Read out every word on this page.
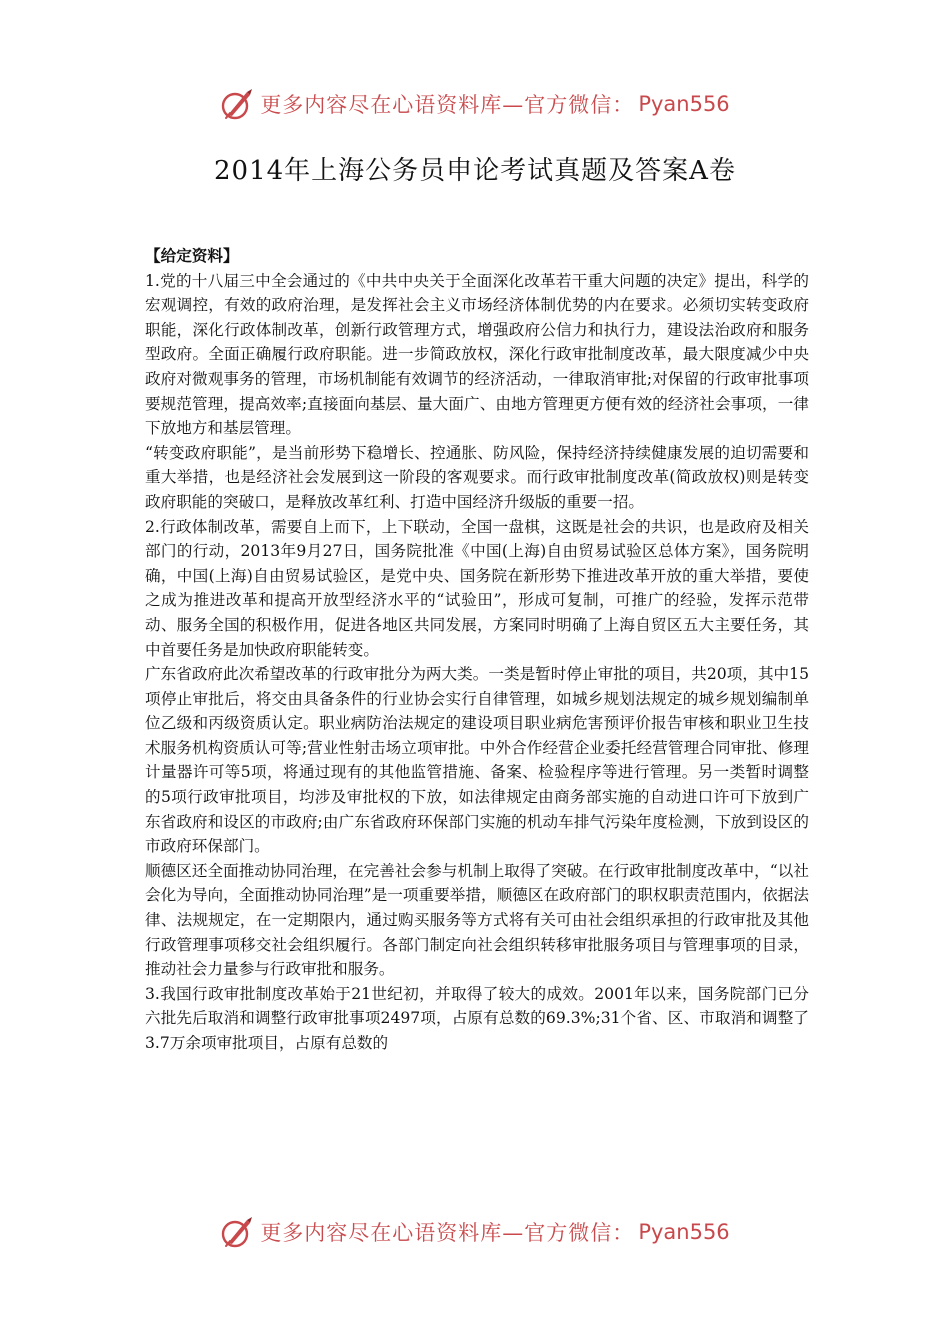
更多内容尽在心语资料库—官方微信： Pyan556
2014年上海公务员申论考试真题及答案A卷

【给定资料】

1.党的十八届三中全会通过的《中共中央关于全面深化改革若干重大问题的决定》提出，科学的宏观调控，有效的政府治理，是发挥社会主义市场经济体制优势的内在要求。必须切实转变政府职能，深化行政体制改革，创新行政管理方式，增强政府公信力和执行力，建设法治政府和服务型政府。全面正确履行政府职能。进一步简政放权，深化行政审批制度改革，最大限度减少中央政府对微观事务的管理，市场机制能有效调节的经济活动，一律取消审批;对保留的行政审批事项要规范管理，提高效率;直接面向基层、量大面广、由地方管理更方便有效的经济社会事项，一律下放地方和基层管理。

“转变政府职能”，是当前形势下稳增长、控通胀、防风险，保持经济持续健康发展的迫切需要和重大举措，也是经济社会发展到这一阶段的客观要求。而行政审批制度改革(简政放权)则是转变政府职能的突破口，是释放改革红利、打造中国经济升级版的重要一招。

2.行政体制改革，需要自上而下，上下联动，全国一盘棋，这既是社会的共识，也是政府及相关部门的行动，2013年9月27日，国务院批准《中国(上海)自由贸易试验区总体方案》，国务院明确，中国(上海)自由贸易试验区，是党中央、国务院在新形势下推进改革开放的重大举措，要使之成为推进改革和提高开放型经济水平的“试验田”，形成可复制，可推广的经验，发挥示范带动、服务全国的积极作用，促进各地区共同发展，方案同时明确了上海自贸区五大主要任务，其中首要任务是加快政府职能转变。

广东省政府此次希望改革的行政审批分为两大类。一类是暂时停止审批的项目，共20项，其中15项停止审批后，将交由具备条件的行业协会实行自律管理，如城乡规划法规定的城乡规划编制单位乙级和丙级资质认定。职业病防治法规定的建设项目职业病危害预评价报告审核和职业卫生技术服务机构资质认可等;营业性射击场立项审批。中外合作经营企业委托经营管理合同审批、修理计量器许可等5项，将通过现有的其他监管措施、备案、检验程序等进行管理。另一类暂时调整的5项行政审批项目，均涉及审批权的下放，如法律规定由商务部实施的自动进口许可下放到广东省政府和设区的市政府;由广东省政府环保部门实施的机动车排气污染年度检测，下放到设区的市政府环保部门。

顺德区还全面推动协同治理，在完善社会参与机制上取得了突破。在行政审批制度改革中，“以社会化为导向，全面推动协同治理”是一项重要举措，顺德区在政府部门的职权职责范围内，依据法律、法规规定，在一定期限内，通过购买服务等方式将有关可由社会组织承担的行政审批及其他行政管理事项移交社会组织履行。各部门制定向社会组织转移审批服务项目与管理事项的目录，推动社会力量参与行政审批和服务。

3.我国行政审批制度改革始于21世纪初，并取得了较大的成效。2001年以来，国务院部门已分六批先后取消和调整行政审批事项2497项，占原有总数的69.3%;31个省、区、市取消和调整了3.7万余项审批项目，占原有总数的

更多内容尽在心语资料库—官方微信： Pyan556
